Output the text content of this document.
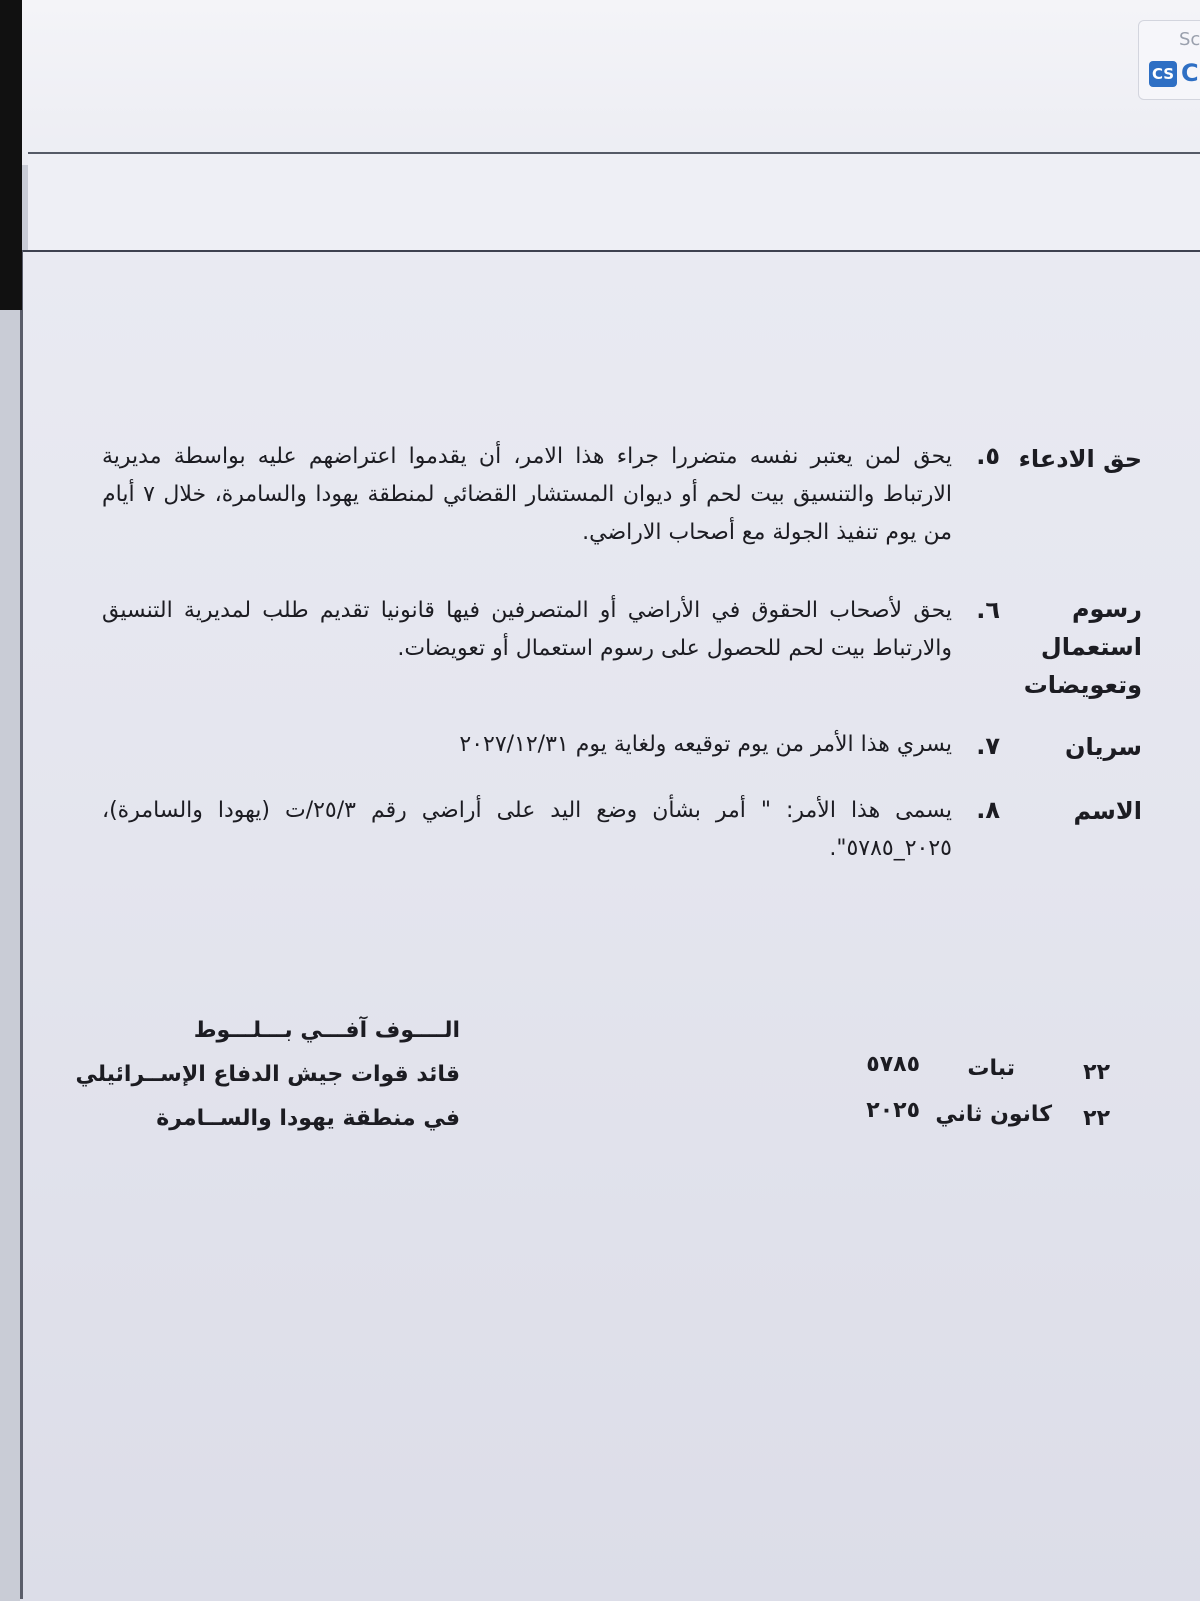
Sc
CS C
حق الادعاء
٥.
يحق لمن يعتبر نفسه متضررا جراء هذا الامر، أن يقدموا اعتراضهم عليه بواسطة مديرية الارتباط والتنسيق بيت لحم أو ديوان المستشار القضائي لمنطقة يهودا والسامرة، خلال ٧ أيام من يوم تنفيذ الجولة مع أصحاب الاراضي.
رسوم استعمال وتعويضات
٦.
يحق لأصحاب الحقوق في الأراضي أو المتصرفين فيها قانونيا تقديم طلب لمديرية التنسيق والارتباط بيت لحم للحصول على رسوم استعمال أو تعويضات.
سريان
٧.
يسري هذا الأمر من يوم توقيعه ولغاية يوم ٢٠٢٧/١٢/٣١
الاسم
٨.
يسمى هذا الأمر: " أمر بشأن وضع اليد على أراضي رقم ٢٥/٣/ت (يهودا والسامرة)، ٢٠٢٥_٥٧٨٥".
الــــوف آفـــي بـــلـــوط
قائد قوات جيش الدفاع الإســرائيلي
في منطقة يهودا والســامرة
٢٢
تبات
٥٧٨٥
٢٢
كانون ثاني
٢٠٢٥
